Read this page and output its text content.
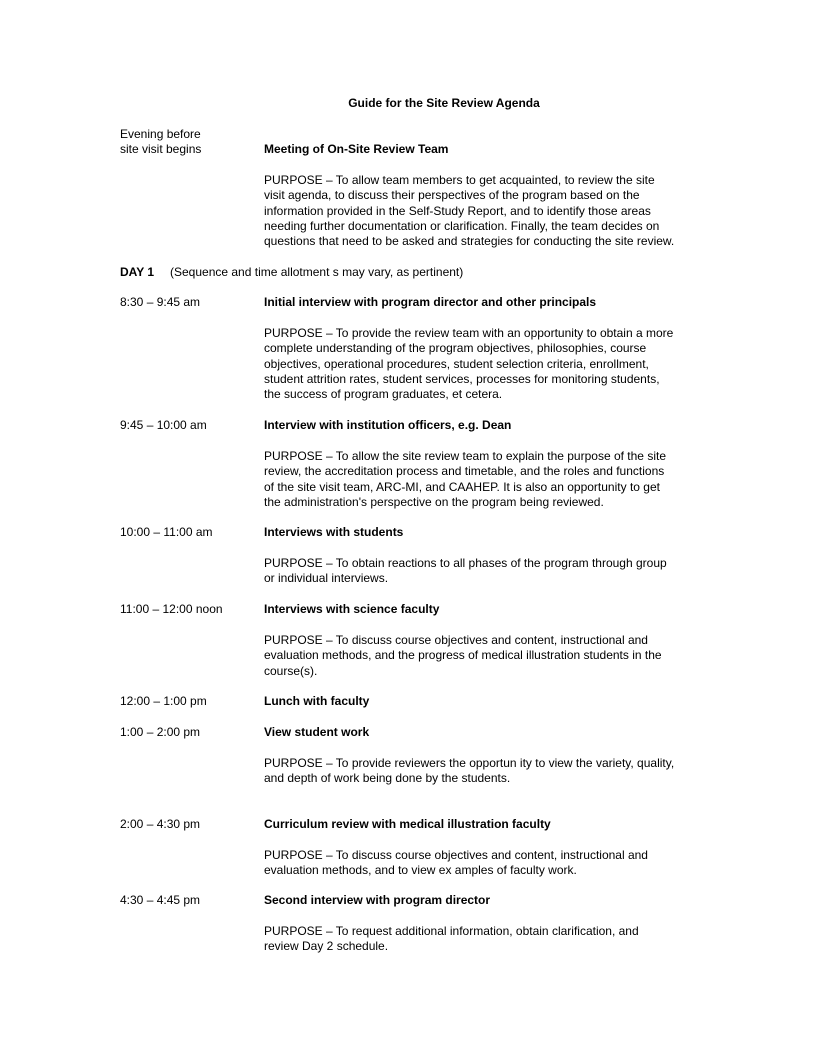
Guide for the Site Review Agenda
Evening before
site visit begins	Meeting of On-Site Review Team
PURPOSE – To allow team members to get acquainted, to review the site
visit agenda, to discuss their perspectives of the program based on the
information provided in the Self-Study Report, and to identify those areas
needing further documentation or clarification. Finally, the team decides on
questions that need to be asked and strategies for conducting the site review.
DAY 1 (Sequence and time allotment s may vary, as pertinent)
8:30 – 9:45 am	Initial interview with program director and other principals
PURPOSE – To provide the review team with an opportunity to obtain a more
complete understanding of the program objectives, philosophies, course
objectives, operational procedures, student selection criteria, enrollment,
student attrition rates, student services, processes for monitoring students,
the success of program graduates, et cetera.
9:45 – 10:00 am	Interview with institution officers, e.g. Dean
PURPOSE – To allow the site review team to explain the purpose of the site
review, the accreditation process and timetable, and the roles and functions
of the site visit team, ARC-MI, and CAAHEP. It is also an opportunity to get
the administration's perspective on the program being reviewed.
10:00 – 11:00 am	Interviews with students
PURPOSE – To obtain reactions to all phases of the program through group
or individual interviews.
11:00 – 12:00 noon	Interviews with science faculty
PURPOSE – To discuss course objectives and content, instructional and
evaluation methods, and the progress of medical illustration students in the
course(s).
12:00 – 1:00 pm	Lunch with faculty
1:00 – 2:00 pm	View student work
PURPOSE – To provide reviewers the opportun ity to view the variety, quality,
and depth of work being done by the students.
2:00 – 4:30 pm	Curriculum review with medical illustration faculty
PURPOSE – To discuss course objectives and content, instructional and
evaluation methods, and to view ex amples of faculty work.
4:30 – 4:45 pm	Second interview with program director
PURPOSE – To request additional information, obtain clarification, and
review Day 2 schedule.
